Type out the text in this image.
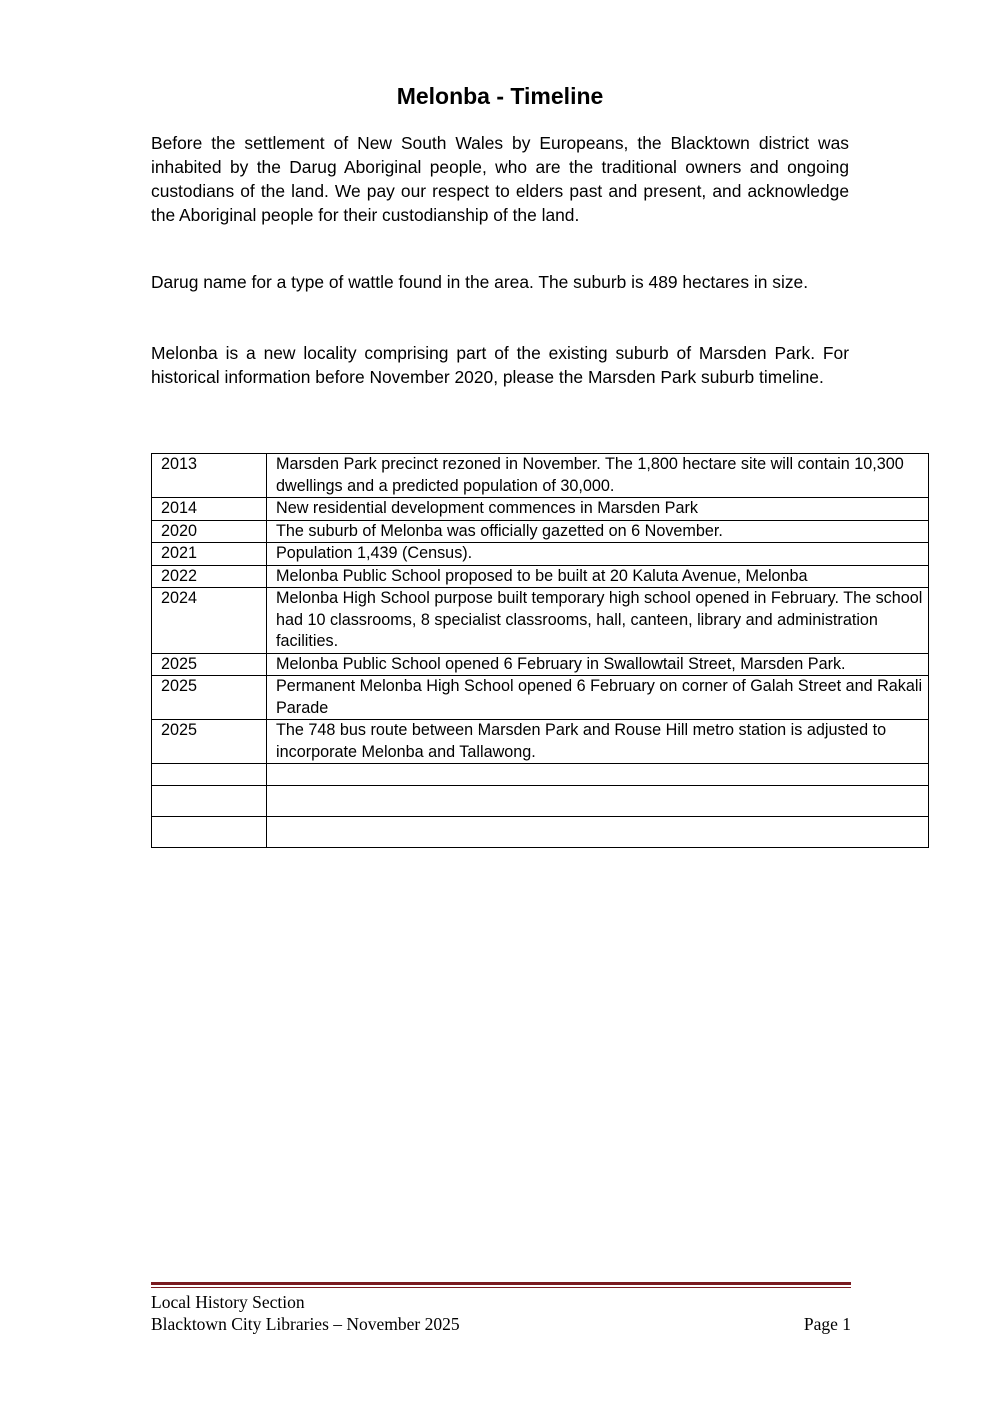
Melonba - Timeline

Before the settlement of New South Wales by Europeans, the Blacktown district was inhabited by the Darug Aboriginal people, who are the traditional owners and ongoing custodians of the land. We pay our respect to elders past and present, and acknowledge the Aboriginal people for their custodianship of the land.

Darug name for a type of wattle found in the area. The suburb is 489 hectares in size.

Melonba is a new locality comprising part of the existing suburb of Marsden Park. For historical information before November 2020, please the Marsden Park suburb timeline.

2013	Marsden Park precinct rezoned in November. The 1,800 hectare site will contain 10,300 dwellings and a predicted population of 30,000.
2014	New residential development commences in Marsden Park
2020	The suburb of Melonba was officially gazetted on 6 November.
2021	Population 1,439 (Census).
2022	Melonba Public School proposed to be built at 20 Kaluta Avenue, Melonba
2024	Melonba High School purpose built temporary high school opened in February. The school had 10 classrooms, 8 specialist classrooms, hall, canteen, library and administration facilities.
2025	Melonba Public School opened 6 February in Swallowtail Street, Marsden Park.
2025	Permanent Melonba High School opened 6 February on corner of Galah Street and Rakali Parade
2025	The 748 bus route between Marsden Park and Rouse Hill metro station is adjusted to incorporate Melonba and Tallawong.

Local History Section
Blacktown City Libraries – November 2025	Page 1
